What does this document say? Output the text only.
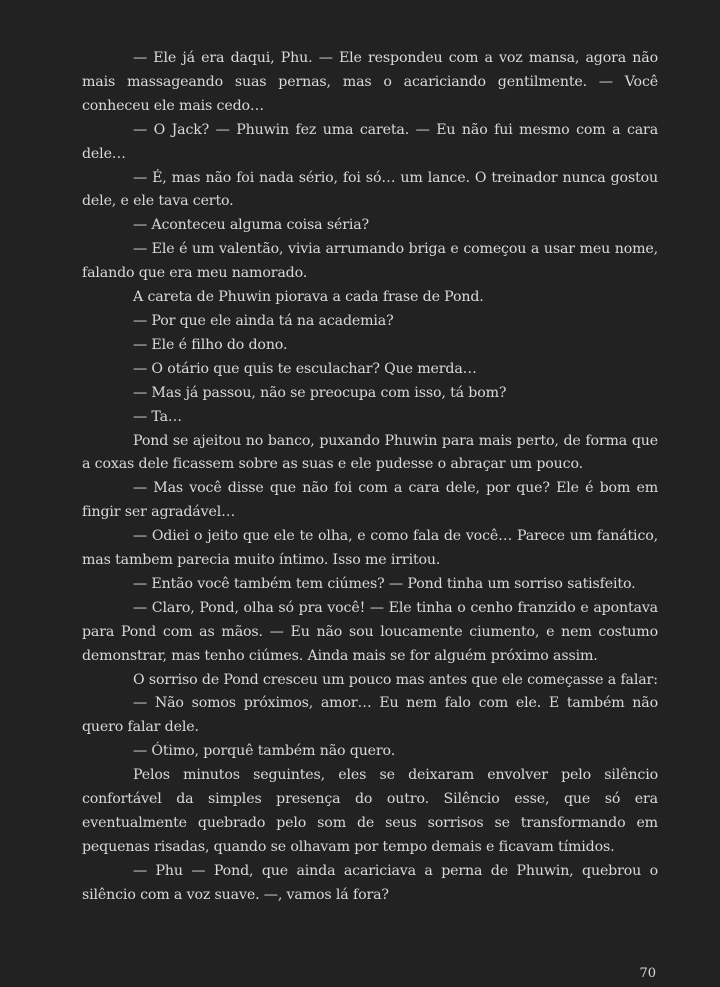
— Ele já era daqui, Phu. — Ele respondeu com a voz mansa, agora não mais massageando suas pernas, mas o acariciando gentilmente. — Você conheceu ele mais cedo…

— O Jack? — Phuwin fez uma careta. — Eu não fui mesmo com a cara dele…

— É, mas não foi nada sério, foi só… um lance. O treinador nunca gostou dele, e ele tava certo.

— Aconteceu alguma coisa séria?

— Ele é um valentão, vivia arrumando briga e começou a usar meu nome, falando que era meu namorado.

A careta de Phuwin piorava a cada frase de Pond.

— Por que ele ainda tá na academia?

— Ele é filho do dono.

— O otário que quis te esculachar? Que merda…

— Mas já passou, não se preocupa com isso, tá bom?

— Ta…

Pond se ajeitou no banco, puxando Phuwin para mais perto, de forma que a coxas dele ficassem sobre as suas e ele pudesse o abraçar um pouco.

— Mas você disse que não foi com a cara dele, por que? Ele é bom em fingir ser agradável…

— Odiei o jeito que ele te olha, e como fala de você… Parece um fanático, mas tambem parecia muito íntimo. Isso me irritou.

— Então você também tem ciúmes? — Pond tinha um sorriso satisfeito.

— Claro, Pond, olha só pra você! — Ele tinha o cenho franzido e apontava para Pond com as mãos. — Eu não sou loucamente ciumento, e nem costumo demonstrar, mas tenho ciúmes. Ainda mais se for alguém próximo assim.

O sorriso de Pond cresceu um pouco mas antes que ele começasse a falar:

— Não somos próximos, amor… Eu nem falo com ele. E também não quero falar dele.

— Ótimo, porquê também não quero.

Pelos minutos seguintes, eles se deixaram envolver pelo silêncio confortável da simples presença do outro. Silêncio esse, que só era eventualmente quebrado pelo som de seus sorrisos se transformando em pequenas risadas, quando se olhavam por tempo demais e ficavam tímidos.

— Phu — Pond, que ainda acariciava a perna de Phuwin, quebrou o silêncio com a voz suave. —, vamos lá fora?

70
